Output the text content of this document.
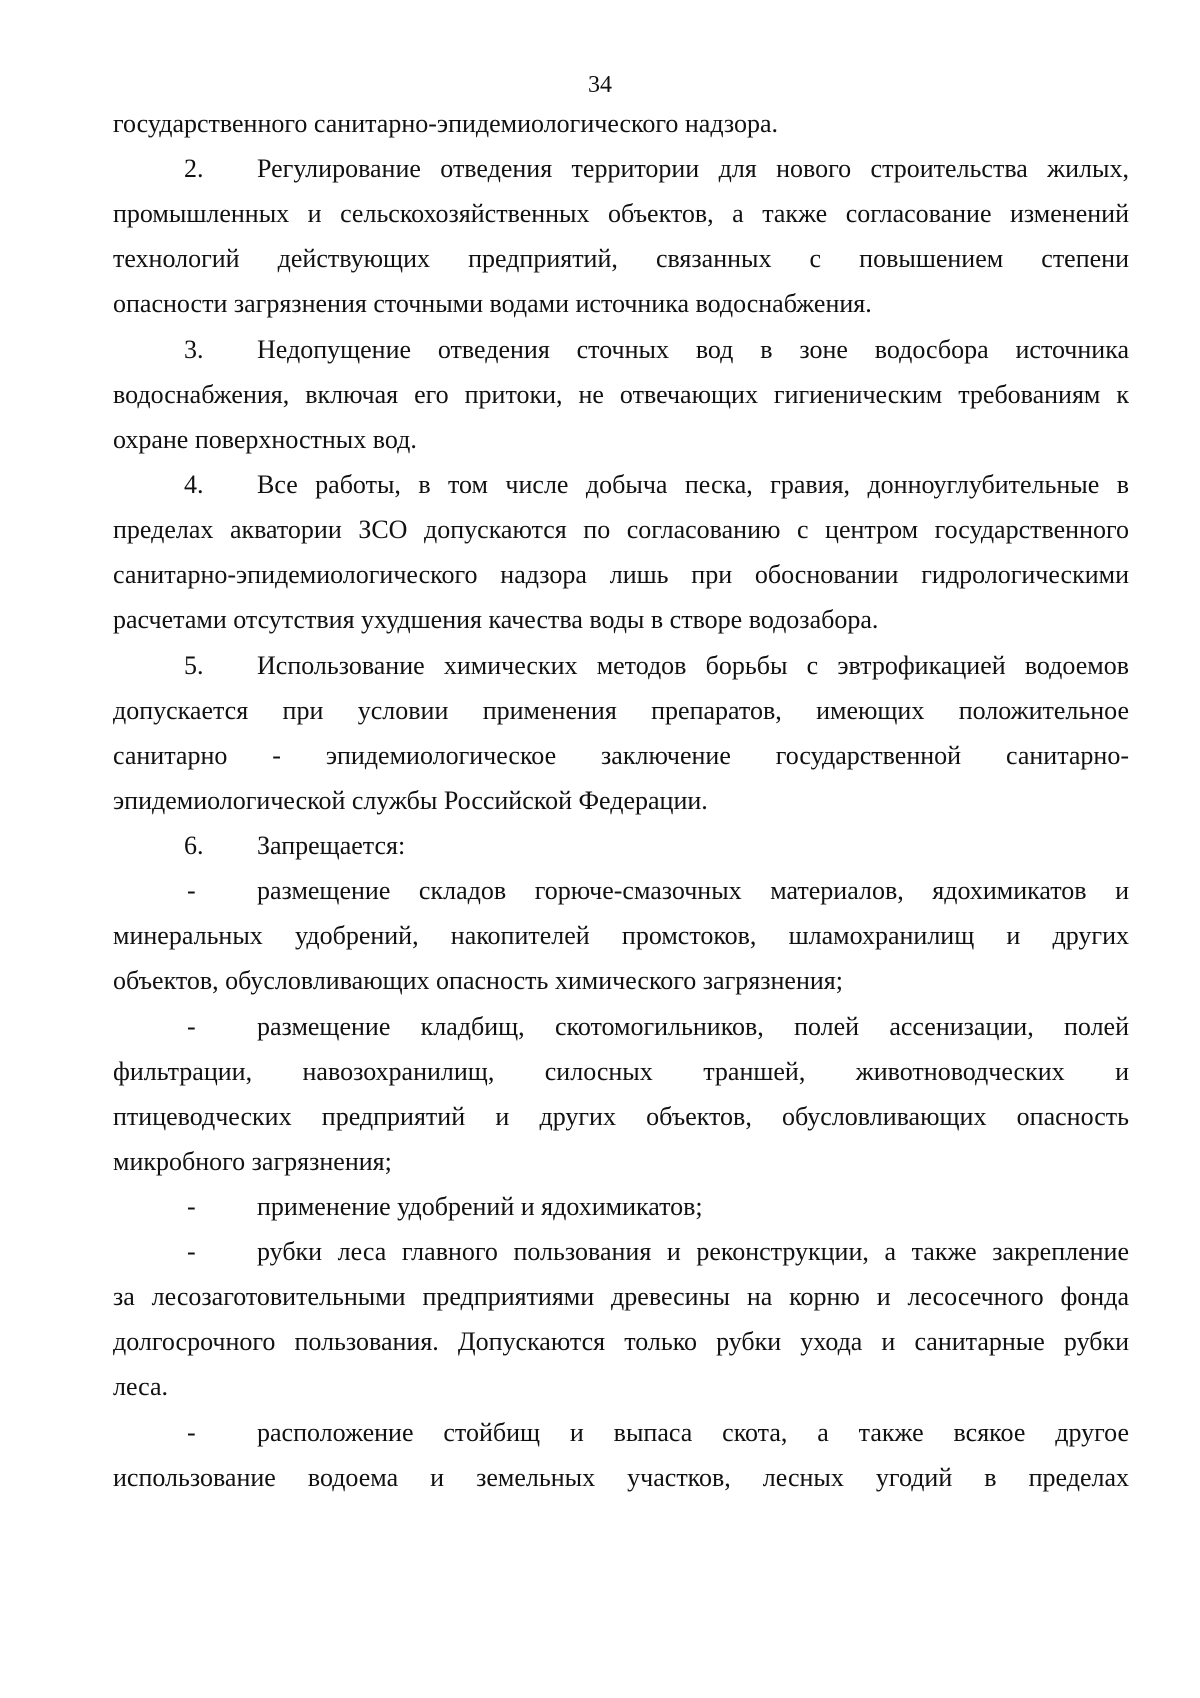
34
государственного санитарно-эпидемиологического надзора.
2. Регулирование отведения территории для нового строительства жилых,
промышленных и сельскохозяйственных объектов, а также согласование изменений
технологий действующих предприятий, связанных с повышением степени
опасности загрязнения сточными водами источника водоснабжения.
3. Недопущение отведения сточных вод в зоне водосбора источника
водоснабжения, включая его притоки, не отвечающих гигиеническим требованиям к
охране поверхностных вод.
4. Все работы, в том числе добыча песка, гравия, донноуглубительные в
пределах акватории ЗСО допускаются по согласованию с центром государственного
санитарно-эпидемиологического надзора лишь при обосновании гидрологическими
расчетами отсутствия ухудшения качества воды в створе водозабора.
5. Использование химических методов борьбы с эвтрофикацией водоемов
допускается при условии применения препаратов, имеющих положительное
санитарно - эпидемиологическое заключение государственной санитарно-
эпидемиологической службы Российской Федерации.
6. Запрещается:
- размещение складов горюче-смазочных материалов, ядохимикатов и
минеральных удобрений, накопителей промстоков, шламохранилищ и других
объектов, обусловливающих опасность химического загрязнения;
- размещение кладбищ, скотомогильников, полей ассенизации, полей
фильтрации, навозохранилищ, силосных траншей, животноводческих и
птицеводческих предприятий и других объектов, обусловливающих опасность
микробного загрязнения;
- применение удобрений и ядохимикатов;
- рубки леса главного пользования и реконструкции, а также закрепление
за лесозаготовительными предприятиями древесины на корню и лесосечного фонда
долгосрочного пользования. Допускаются только рубки ухода и санитарные рубки
леса.
- расположение стойбищ и выпаса скота, а также всякое другое
использование водоема и земельных участков, лесных угодий в пределах
